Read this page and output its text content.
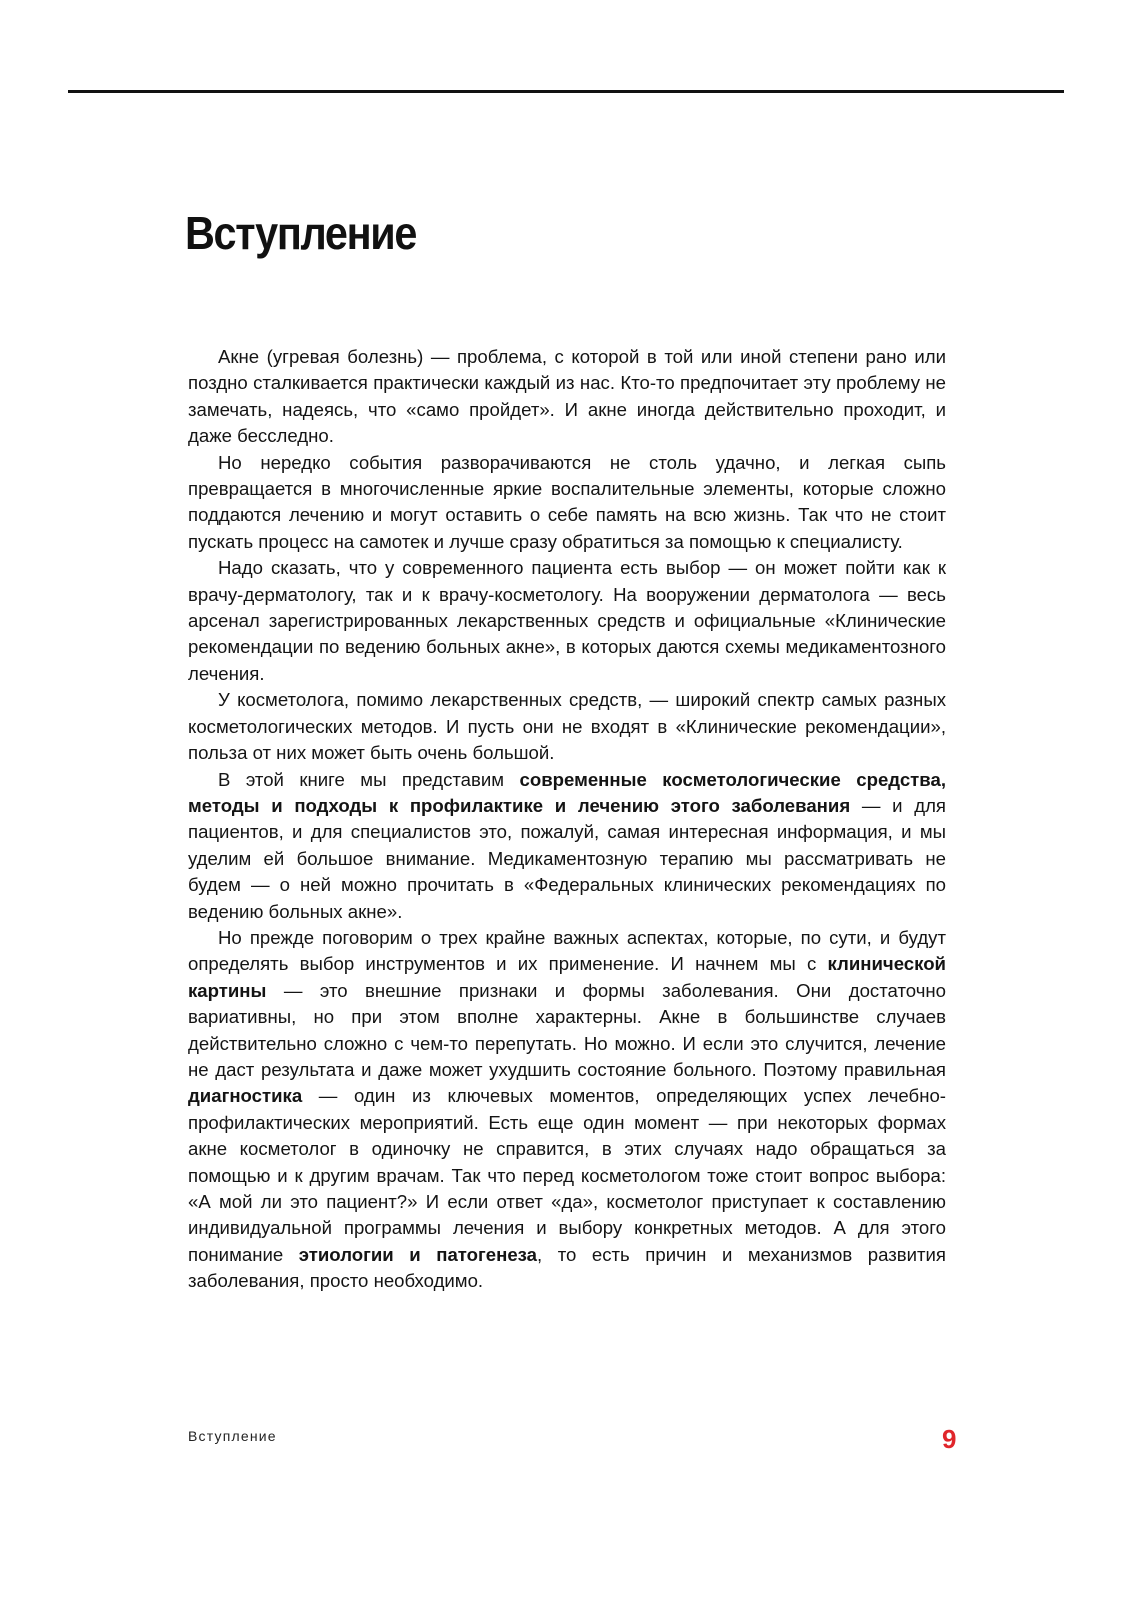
Вступление

Акне (угревая болезнь) — проблема, с которой в той или иной степени рано или поздно сталкивается практически каждый из нас. Кто-то предпочитает эту проблему не замечать, надеясь, что «само пройдет». И акне иногда действительно проходит, и даже бесследно.

Но нередко события разворачиваются не столь удачно, и легкая сыпь превращается в многочисленные яркие воспалительные элементы, которые сложно поддаются лечению и могут оставить о себе память на всю жизнь. Так что не стоит пускать процесс на самотек и лучше сразу обратиться за помощью к специалисту.

Надо сказать, что у современного пациента есть выбор — он может пойти как к врачу-дерматологу, так и к врачу-косметологу. На вооружении дерматолога — весь арсенал зарегистрированных лекарственных средств и официальные «Клинические рекомендации по ведению больных акне», в которых даются схемы медикаментозного лечения.

У косметолога, помимо лекарственных средств, — широкий спектр самых разных косметологических методов. И пусть они не входят в «Клинические рекомендации», польза от них может быть очень большой.

В этой книге мы представим современные косметологические средства, методы и подходы к профилактике и лечению этого заболевания — и для пациентов, и для специалистов это, пожалуй, самая интересная информация, и мы уделим ей большое внимание. Медикаментозную терапию мы рассматривать не будем — о ней можно прочитать в «Федеральных клинических рекомендациях по ведению больных акне».

Но прежде поговорим о трех крайне важных аспектах, которые, по сути, и будут определять выбор инструментов и их применение. И начнем мы с клинической картины — это внешние признаки и формы заболевания. Они достаточно вариативны, но при этом вполне характерны. Акне в большинстве случаев действительно сложно с чем-то перепутать. Но можно. И если это случится, лечение не даст результата и даже может ухудшить состояние больного. Поэтому правильная диагностика — один из ключевых моментов, определяющих успех лечебно-профилактических мероприятий. Есть еще один момент — при некоторых формах акне косметолог в одиночку не справится, в этих случаях надо обращаться за помощью и к другим врачам. Так что перед косметологом тоже стоит вопрос выбора: «А мой ли это пациент?» И если ответ «да», косметолог приступает к составлению индивидуальной программы лечения и выбору конкретных методов. А для этого понимание этиологии и патогенеза, то есть причин и механизмов развития заболевания, просто необходимо.

Вступление	9
